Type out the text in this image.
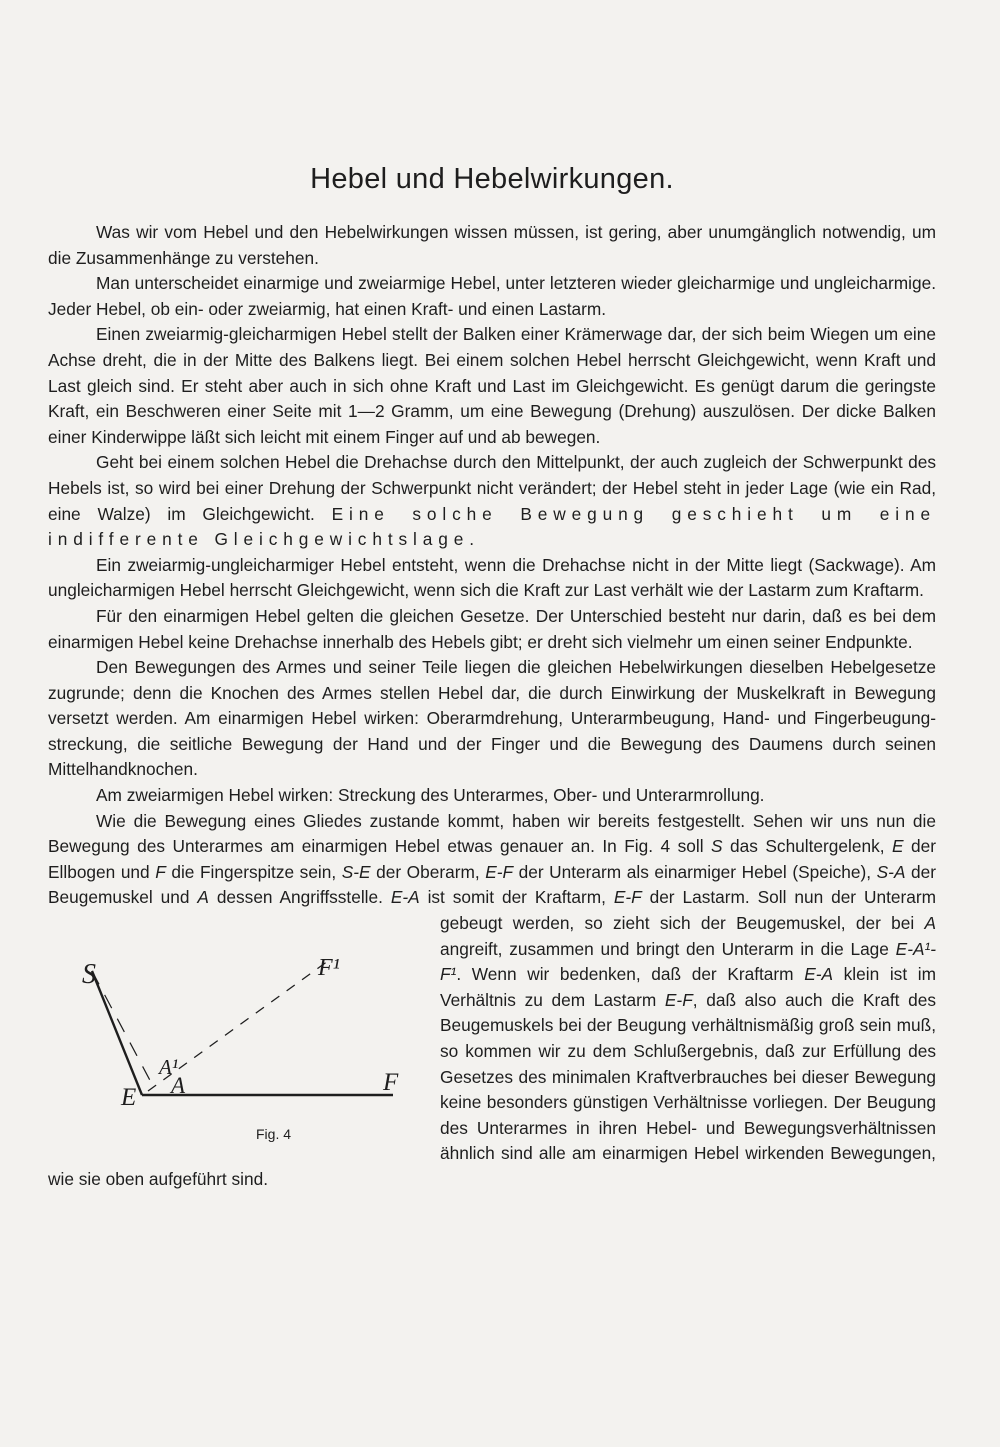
Hebel und Hebelwirkungen.

Was wir vom Hebel und den Hebelwirkungen wissen müssen, ist gering, aber unumgänglich notwendig, um die Zusammenhänge zu verstehen.

Man unterscheidet einarmige und zweiarmige Hebel, unter letzteren wieder gleicharmige und ungleicharmige. Jeder Hebel, ob ein- oder zweiarmig, hat einen Kraft- und einen Lastarm.

Einen zweiarmig-gleicharmigen Hebel stellt der Balken einer Krämerwage dar, der sich beim Wiegen um eine Achse dreht, die in der Mitte des Balkens liegt. Bei einem solchen Hebel herrscht Gleichgewicht, wenn Kraft und Last gleich sind. Er steht aber auch in sich ohne Kraft und Last im Gleichgewicht. Es genügt darum die geringste Kraft, ein Beschweren einer Seite mit 1—2 Gramm, um eine Bewegung (Drehung) auszulösen. Der dicke Balken einer Kinderwippe läßt sich leicht mit einem Finger auf und ab bewegen.

Geht bei einem solchen Hebel die Drehachse durch den Mittelpunkt, der auch zugleich der Schwerpunkt des Hebels ist, so wird bei einer Drehung der Schwerpunkt nicht verändert; der Hebel steht in jeder Lage (wie ein Rad, eine Walze) im Gleichgewicht. Eine solche Bewegung geschieht um eine indifferente Gleichgewichtslage.

Ein zweiarmig-ungleicharmiger Hebel entsteht, wenn die Drehachse nicht in der Mitte liegt (Sackwage). Am ungleicharmigen Hebel herrscht Gleichgewicht, wenn sich die Kraft zur Last verhält wie der Lastarm zum Kraftarm.

Für den einarmigen Hebel gelten die gleichen Gesetze. Der Unterschied besteht nur darin, daß es bei dem einarmigen Hebel keine Drehachse innerhalb des Hebels gibt; er dreht sich vielmehr um einen seiner Endpunkte.

Den Bewegungen des Armes und seiner Teile liegen die gleichen Hebelwirkungen dieselben Hebelgesetze zugrunde; denn die Knochen des Armes stellen Hebel dar, die durch Einwirkung der Muskelkraft in Bewegung versetzt werden. Am einarmigen Hebel wirken: Oberarmdrehung, Unterarmbeugung, Hand- und Fingerbeugung-streckung, die seitliche Bewegung der Hand und der Finger und die Bewegung des Daumens durch seinen Mittelhandknochen.

Am zweiarmigen Hebel wirken: Streckung des Unterarmes, Ober- und Unterarmrollung.

Wie die Bewegung eines Gliedes zustande kommt, haben wir bereits festgestellt. Sehen wir uns nun die Bewegung des Unterarmes am einarmigen Hebel etwas genauer an. In Fig. 4 soll S das Schultergelenk, E der Ellbogen und F die Fingerspitze sein, S-E der Oberarm, E-F der Unterarm als einarmiger Hebel (Speiche), S-A der Beugemuskel und A dessen Angriffsstelle. E-A ist somit der Kraftarm, E-F der Lastarm. Soll nun der Unterarm gebeugt werden, so zieht sich der Beugemuskel, der bei
S	F¹
A¹
A
E
F
Fig. 4
A angreift, zusammen und bringt den Unterarm in die Lage E-A¹-F¹. Wenn wir bedenken, daß der Kraftarm E-A klein ist im Verhältnis zu dem Lastarm E-F, daß also auch die Kraft des Beugemuskels bei der Beugung verhältnismäßig groß sein muß, so kommen wir zu dem Schlußergebnis, daß zur Erfüllung des Gesetzes des minimalen Kraftverbrauches bei dieser Bewegung keine besonders günstigen Verhältnisse vorliegen. Der Beugung des Unterarmes in ihren Hebel- und Bewegungsverhältnissen ähnlich sind alle am einarmigen Hebel wirkenden Bewegungen, wie sie oben aufgeführt sind.
